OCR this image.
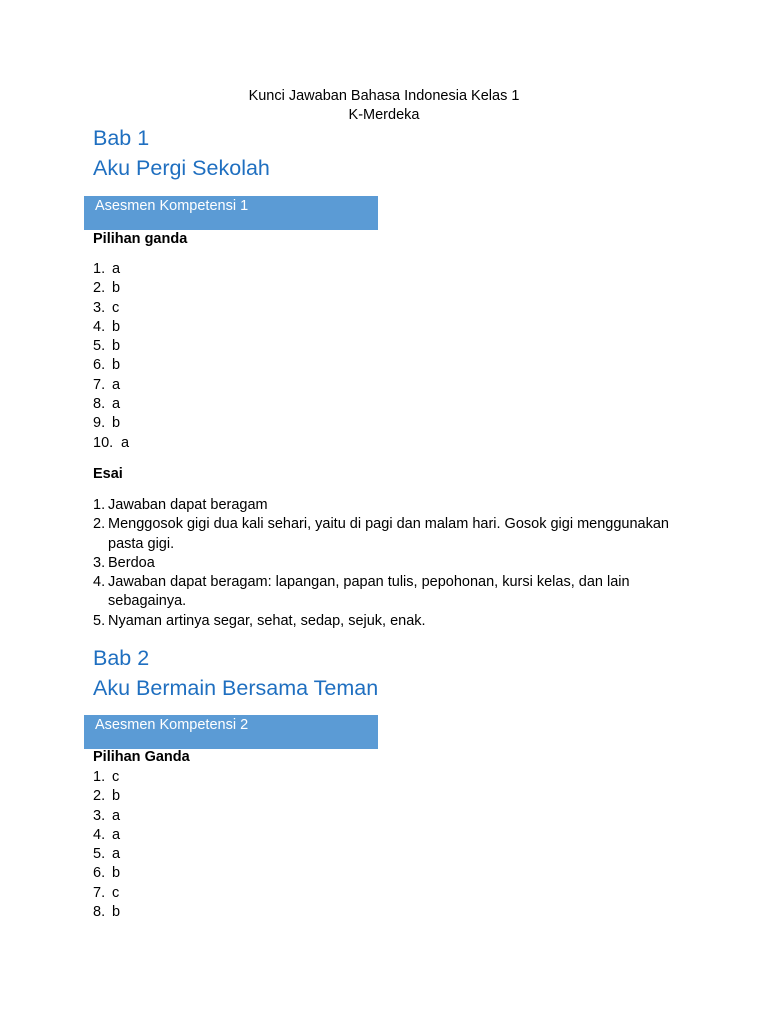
Kunci Jawaban Bahasa Indonesia Kelas 1
K-Merdeka
Bab 1
Aku Pergi Sekolah
Asesmen Kompetensi 1
Pilihan ganda
1. a
2. b
3. c
4. b
5. b
6. b
7. a
8. a
9. b
10. a
Esai
1. Jawaban dapat beragam
2. Menggosok gigi dua kali sehari, yaitu di pagi dan malam hari. Gosok gigi menggunakan pasta gigi.
3. Berdoa
4. Jawaban dapat beragam: lapangan, papan tulis, pepohonan, kursi kelas, dan lain sebagainya.
5. Nyaman artinya segar, sehat, sedap, sejuk, enak.
Bab 2
Aku Bermain Bersama Teman
Asesmen Kompetensi 2
Pilihan Ganda
1. c
2. b
3. a
4. a
5. a
6. b
7. c
8. b
